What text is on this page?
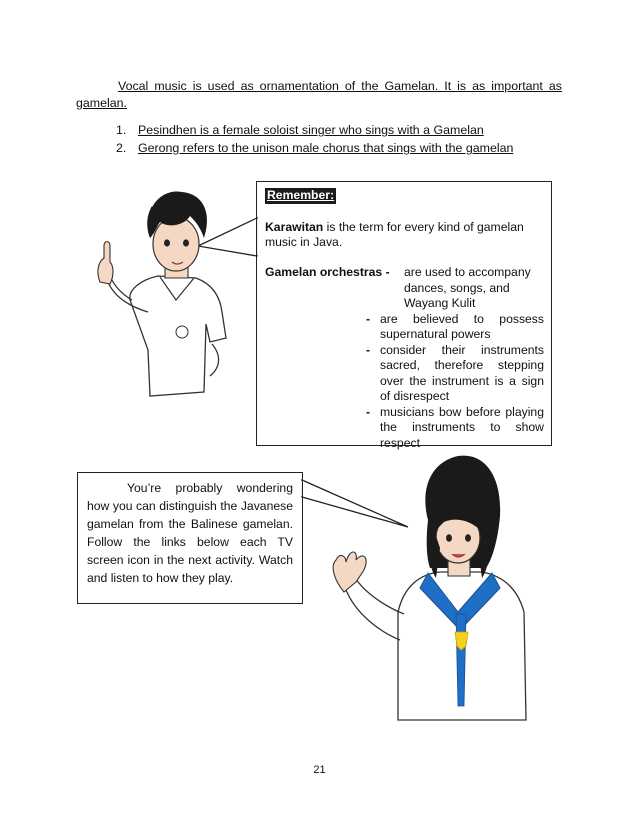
Vocal music is used as ornamentation of the Gamelan. It is as important as gamelan.
1. Pesindhen is a female soloist singer who sings with a Gamelan
2. Gerong refers to the unison male chorus that sings with the gamelan
Remember:
Karawitan is the term for every kind of gamelan music in Java.
Gamelan orchestras -	are used to accompany dances, songs, and Wayang Kulit
- are believed to possess supernatural powers
- consider their instruments sacred, therefore stepping over the instrument is a sign of disrespect
- musicians bow before playing the instruments to show respect
You’re probably wondering how you can distinguish the Javanese gamelan from the Balinese gamelan. Follow the links below each TV screen icon in the next activity. Watch and listen to how they play.
21
